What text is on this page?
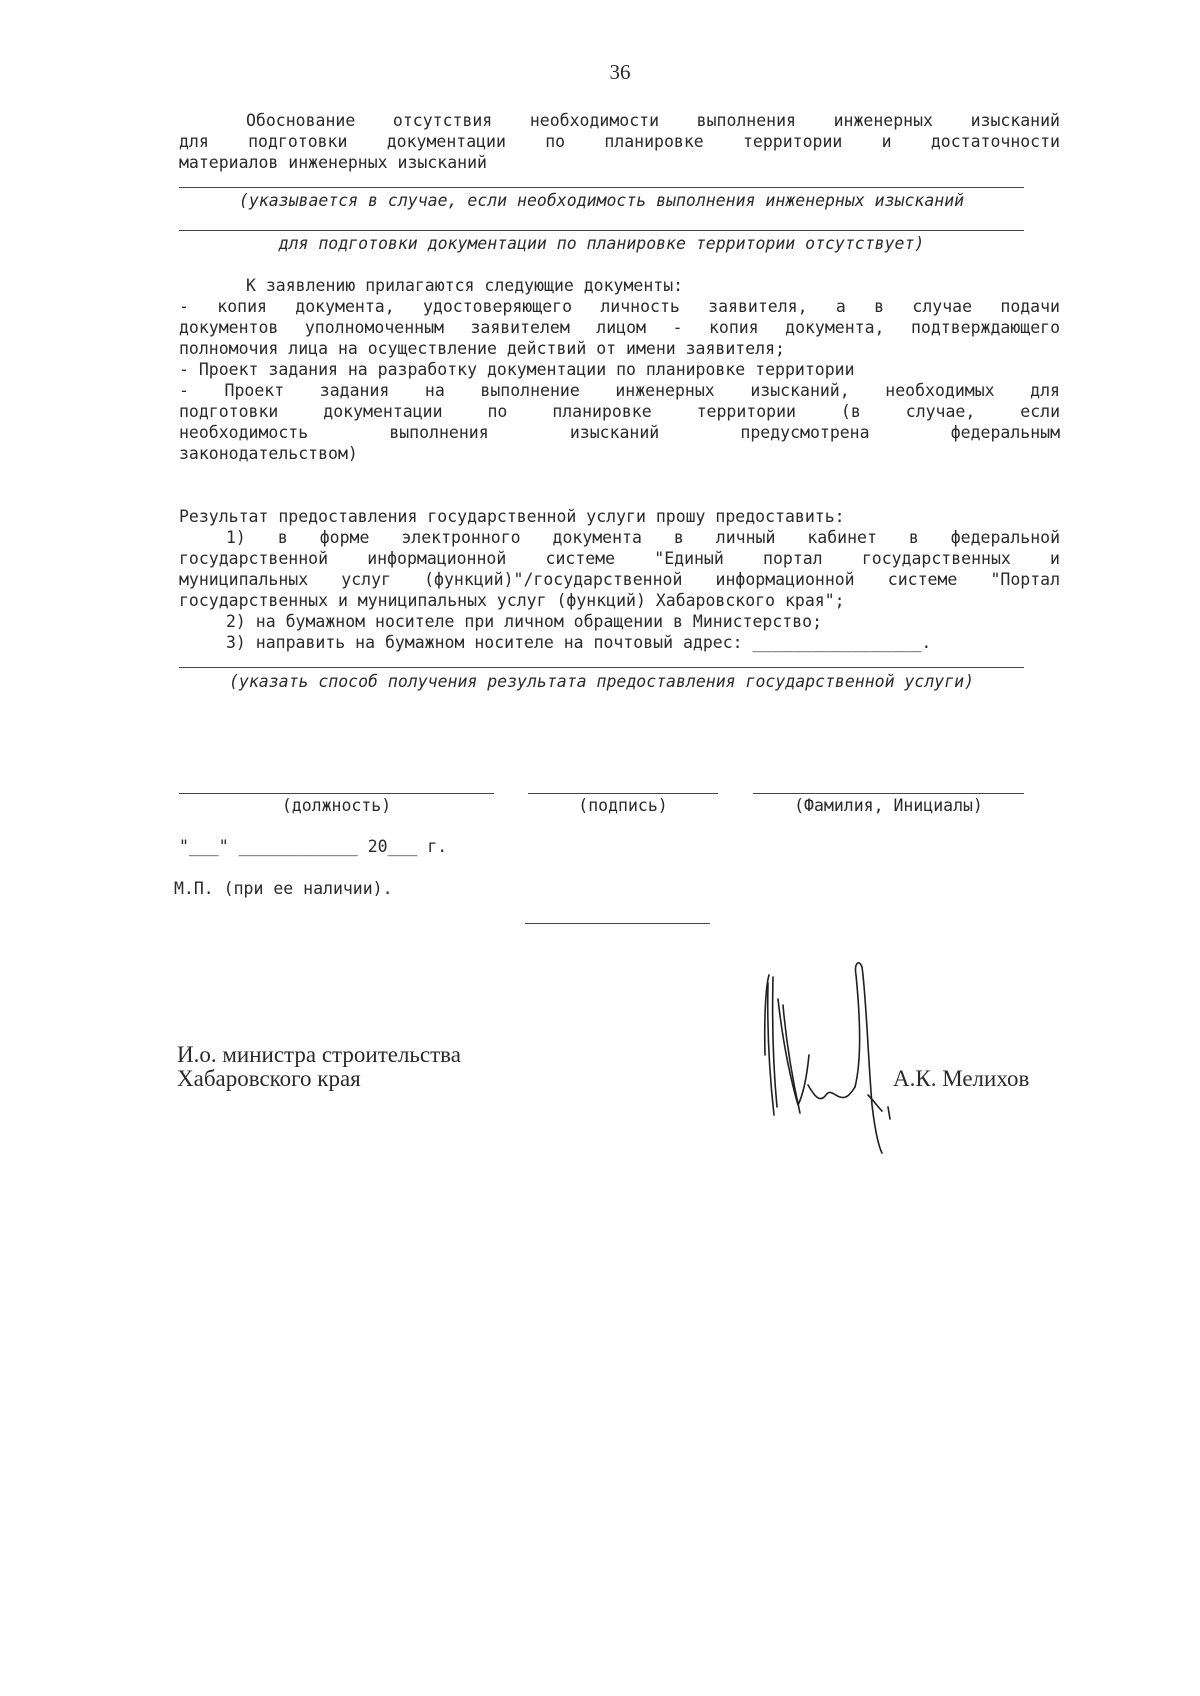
36
Обоснование отсутствия необходимости выполнения инженерных изысканий
для подготовки документации по планировке территории и достаточности
материалов инженерных изысканий
(указывается в случае, если необходимость выполнения инженерных изысканий
для подготовки документации по планировке территории отсутствует)
К заявлению прилагаются следующие документы:
- копия документа, удостоверяющего личность заявителя, а в случае подачи
документов уполномоченным заявителем лицом - копия документа, подтверждающего
полномочия лица на осуществление действий от имени заявителя;
- Проект задания на разработку документации по планировке территории
- Проект задания на выполнение инженерных изысканий, необходимых для
подготовки документации по планировке территории (в случае, если
необходимость выполнения изысканий предусмотрена федеральным
законодательством)
Результат предоставления государственной услуги прошу предоставить:
1) в форме электронного документа в личный кабинет в федеральной
государственной информационной системе "Единый портал государственных и
муниципальных услуг (функций)"/государственной информационной системе "Портал
государственных и муниципальных услуг (функций) Хабаровского края";
2) на бумажном носителе при личном обращении в Министерство;
3) направить на бумажном носителе на почтовый адрес: _________________.
(указать способ получения результата предоставления государственной услуги)
(должность)	(подпись)	(Фамилия, Инициалы)
"___" ____________ 20___ г.
М.П. (при ее наличии).
И.о. министра строительства
Хабаровского края	А.К. Мелихов
